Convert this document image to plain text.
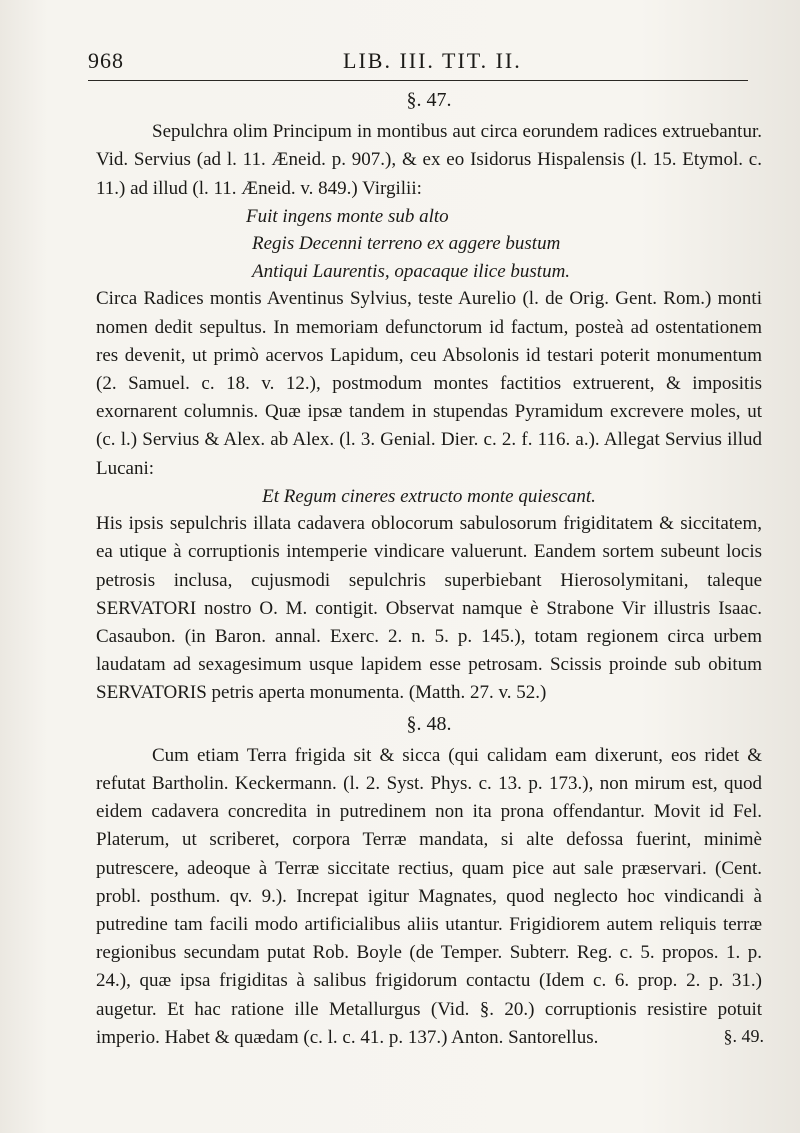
968	LIB. III. TIT. II.
§. 47.

Sepulchra olim Principum in montibus aut circa eorundem radices extruebantur. Vid. Servius (ad l. 11. Æneid. p. 907.), & ex eo Isidorus Hispalensis (l. 15. Etymol. c. 11.) ad illud (l. 11. Æneid. v. 849.) Virgilii:

Fuit ingens monte sub alto

Regis Decenni terreno ex aggere bustum

Antiqui Laurentis, opacaque ilice bustum.

Circa Radices montis Aventinus Sylvius, teste Aurelio (l. de Orig. Gent. Rom.) monti nomen dedit sepultus. In memoriam defunctorum id factum, posteà ad ostentationem res devenit, ut primò acervos Lapidum, ceu Absolonis id testari poterit monumentum (2. Samuel. c. 18. v. 12.), postmodum montes factitios extruerent, & impositis exornarent columnis. Quæ ipsæ tandem in stupendas Pyramidum excrevere moles, ut (c. l.) Servius & Alex. ab Alex. (l. 3. Genial. Dier. c. 2. f. 116. a.). Allegat Servius illud Lucani:

Et Regum cineres extructo monte quiescant.

His ipsis sepulchris illata cadavera oblocorum sabulosorum frigiditatem & siccitatem, ea utique à corruptionis intemperie vindicare valuerunt. Eandem sortem subeunt locis petrosis inclusa, cujusmodi sepulchris superbiebant Hierosolymitani, taleque SERVATORI nostro O. M. contigit. Observat namque è Strabone Vir illustris Isaac. Casaubon. (in Baron. annal. Exerc. 2. n. 5. p. 145.), totam regionem circa urbem laudatam ad sexagesimum usque lapidem esse petrosam. Scissis proinde sub obitum SERVATORIS petris aperta monumenta. (Matth. 27. v. 52.)

§. 48.

Cum etiam Terra frigida sit & sicca (qui calidam eam dixerunt, eos ridet & refutat Bartholin. Keckermann. (l. 2. Syst. Phys. c. 13. p. 173.), non mirum est, quod eidem cadavera concredita in putredinem non ita prona offendantur. Movit id Fel. Platerum, ut scriberet, corpora Terræ mandata, si alte defossa fuerint, minimè putrescere, adeoque à Terræ siccitate rectius, quam pice aut sale præservari. (Cent. probl. posthum. qv. 9.). Increpat igitur Magnates, quod neglecto hoc vindicandi à putredine tam facili modo artificialibus aliis utantur. Frigidiorem autem reliquis terræ regionibus secundam putat Rob. Boyle (de Temper. Subterr. Reg. c. 5. propos. 1. p. 24.), quæ ipsa frigiditas à salibus frigidorum contactu (Idem c. 6. prop. 2. p. 31.) augetur. Et hac ratione ille Metallurgus (Vid. §. 20.) corruptionis resistire potuit imperio. Habet & quædam (c. l. c. 41. p. 137.) Anton. Santorellus.	§. 49.
